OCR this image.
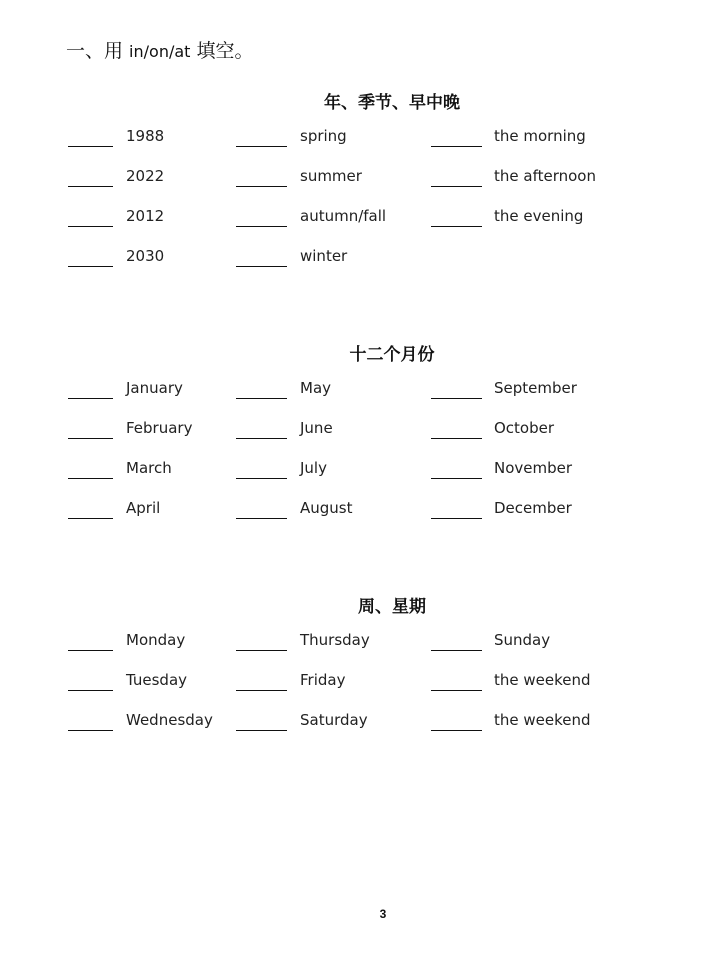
一、用 in/on/at 填空。
年、季节、早中晚
1988	spring	the morning
2022	summer	the afternoon
2012	autumn/fall	the evening
2030	winter
十二个月份
January	May	September
February	June	October
March	July	November
April	August	December
周、星期
Monday	Thursday	Sunday
Tuesday	Friday	the weekend
Wednesday	Saturday	the weekend
3
